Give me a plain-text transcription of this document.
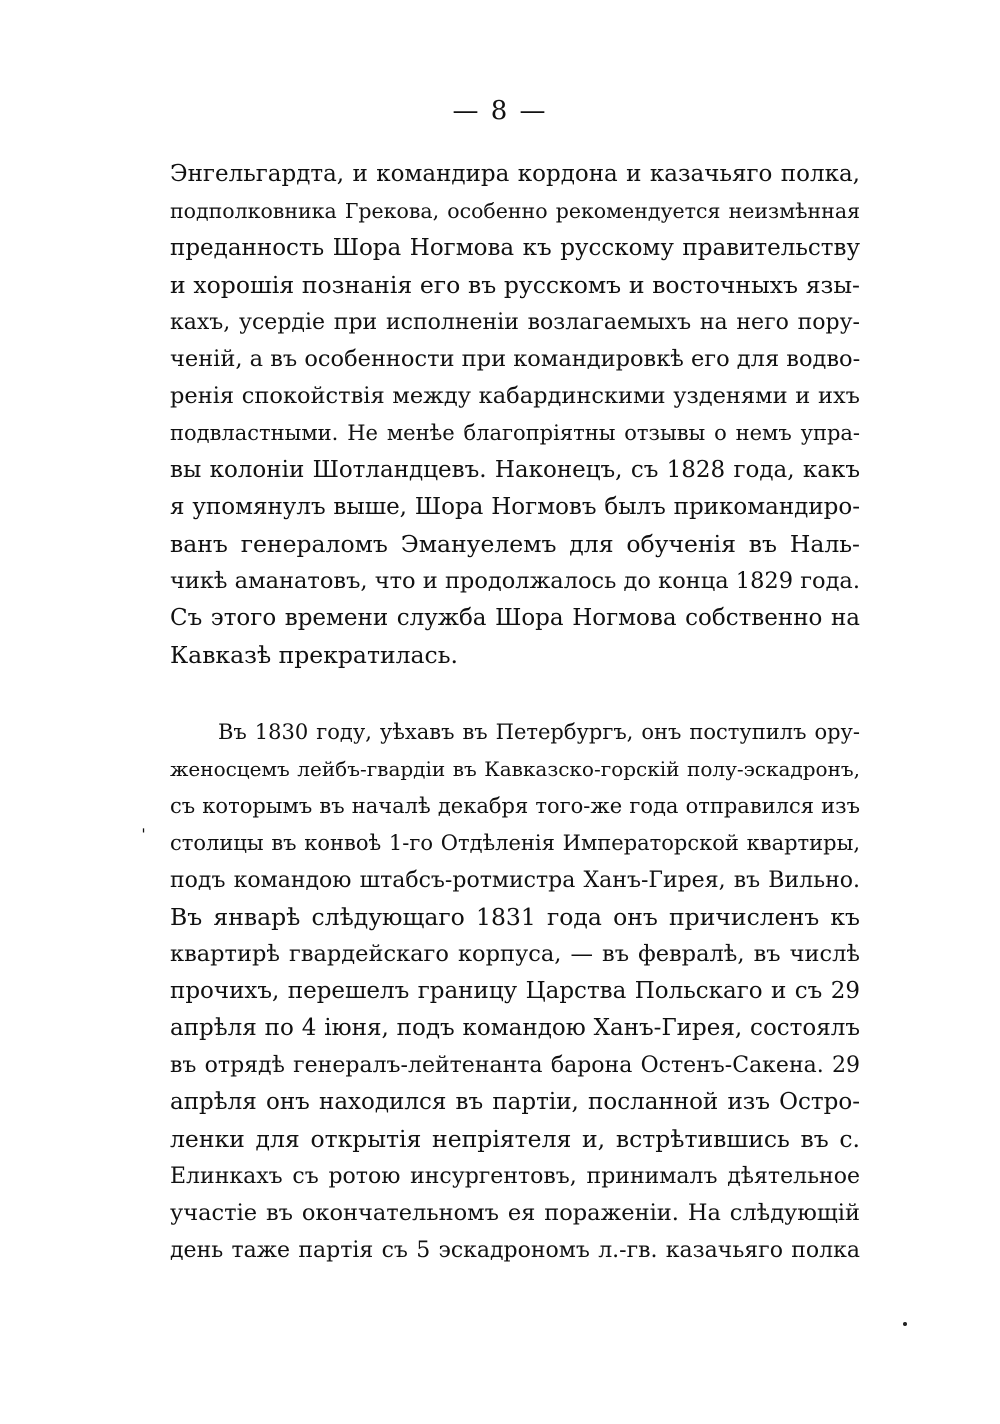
— 8 —
Энгельгардта, и командира кордона и казачьяго полка,
подполковника Грекова, особенно рекомендуется неизмѣнная
преданность Шора Ногмова къ русскому правительству
и хорошія познанія его въ русскомъ и восточныхъ язы-
кахъ, усердіе при исполненіи возлагаемыхъ на него пору-
ченій, а въ особенности при командировкѣ его для водво-
ренія спокойствія между кабардинскими узденями и ихъ
подвластными. Не менѣе благопріятны отзывы о немъ упра-
вы колоніи Шотландцевъ. Наконецъ, съ 1828 года, какъ
я упомянулъ выше, Шора Ногмовъ былъ прикомандиро-
ванъ генераломъ Эмануелемъ для обученія въ Наль-
чикѣ аманатовъ, что и продолжалось до конца 1829 года.
Съ этого времени служба Шора Ногмова собственно на
Кавказѣ прекратилась.
Въ 1830 году, уѣхавъ въ Петербургъ, онъ поступилъ ору-
женосцемъ лейбъ-гвардіи въ Кавказско-горскій полу-эскадронъ,
съ которымъ въ началѣ декабря того-же года отправился изъ
столицы въ конвоѣ 1-го Отдѣленія Императорской квартиры,
подъ командою штабсъ-ротмистра Ханъ-Гирея, въ Вильно.
Въ январѣ слѣдующаго 1831 года онъ причисленъ къ
квартирѣ гвардейскаго корпуса, — въ февралѣ, въ числѣ
прочихъ, перешелъ границу Царства Польскаго и съ 29
апрѣля по 4 іюня, подъ командою Ханъ-Гирея, состоялъ
въ отрядѣ генералъ-лейтенанта барона Остенъ-Сакена. 29
апрѣля онъ находился въ партіи, посланной изъ Остро-
ленки для открытія непріятеля и, встрѣтившись въ с.
Елинкахъ съ ротою инсургентовъ, принималъ дѣятельное
участіе въ окончательномъ ея пораженіи. На слѣдующій
день таже партія съ 5 эскадрономъ л.-гв. казачьяго полка
ˈ
